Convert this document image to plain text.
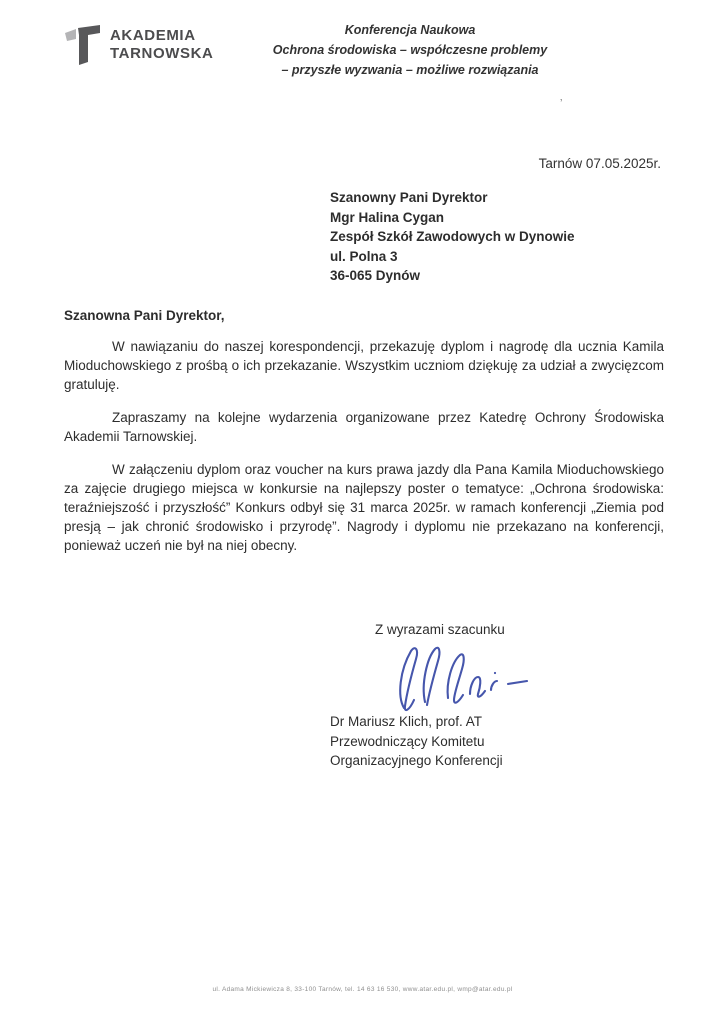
AKADEMIA
TARNOWSKA
Konferencja Naukowa
Ochrona środowiska – współczesne problemy
– przyszłe wyzwania – możliwe rozwiązania
ʼ
Tarnów 07.05.2025r.
Szanowny Pani Dyrektor
Mgr Halina Cygan
Zespół Szkół Zawodowych w Dynowie
ul. Polna 3
36-065 Dynów

Szanowna Pani Dyrektor,

W nawiązaniu do naszej korespondencji, przekazuję dyplom i nagrodę dla ucznia Kamila Mioduchowskiego z prośbą o ich przekazanie. Wszystkim uczniom dziękuję za udział a zwycięzcom gratuluję.

Zapraszamy na kolejne wydarzenia organizowane przez Katedrę Ochrony Środowiska Akademii Tarnowskiej.

W załączeniu dyplom oraz voucher na kurs prawa jazdy dla Pana Kamila Mioduchowskiego za zajęcie drugiego miejsca w konkursie na najlepszy poster o tematyce: „Ochrona środowiska: teraźniejszość i przyszłość” Konkurs odbył się 31 marca 2025r. w ramach konferencji „Ziemia pod presją – jak chronić środowisko i przyrodę”. Nagrody i dyplomu nie przekazano na konferencji, ponieważ uczeń nie był na niej obecny.

Z wyrazami szacunku
Dr Mariusz Klich, prof. AT
Przewodniczący Komitetu
Organizacyjnego Konferencji
ul. Adama Mickiewicza 8, 33-100 Tarnów, tel. 14 63 16 530, www.atar.edu.pl, wmp@atar.edu.pl
